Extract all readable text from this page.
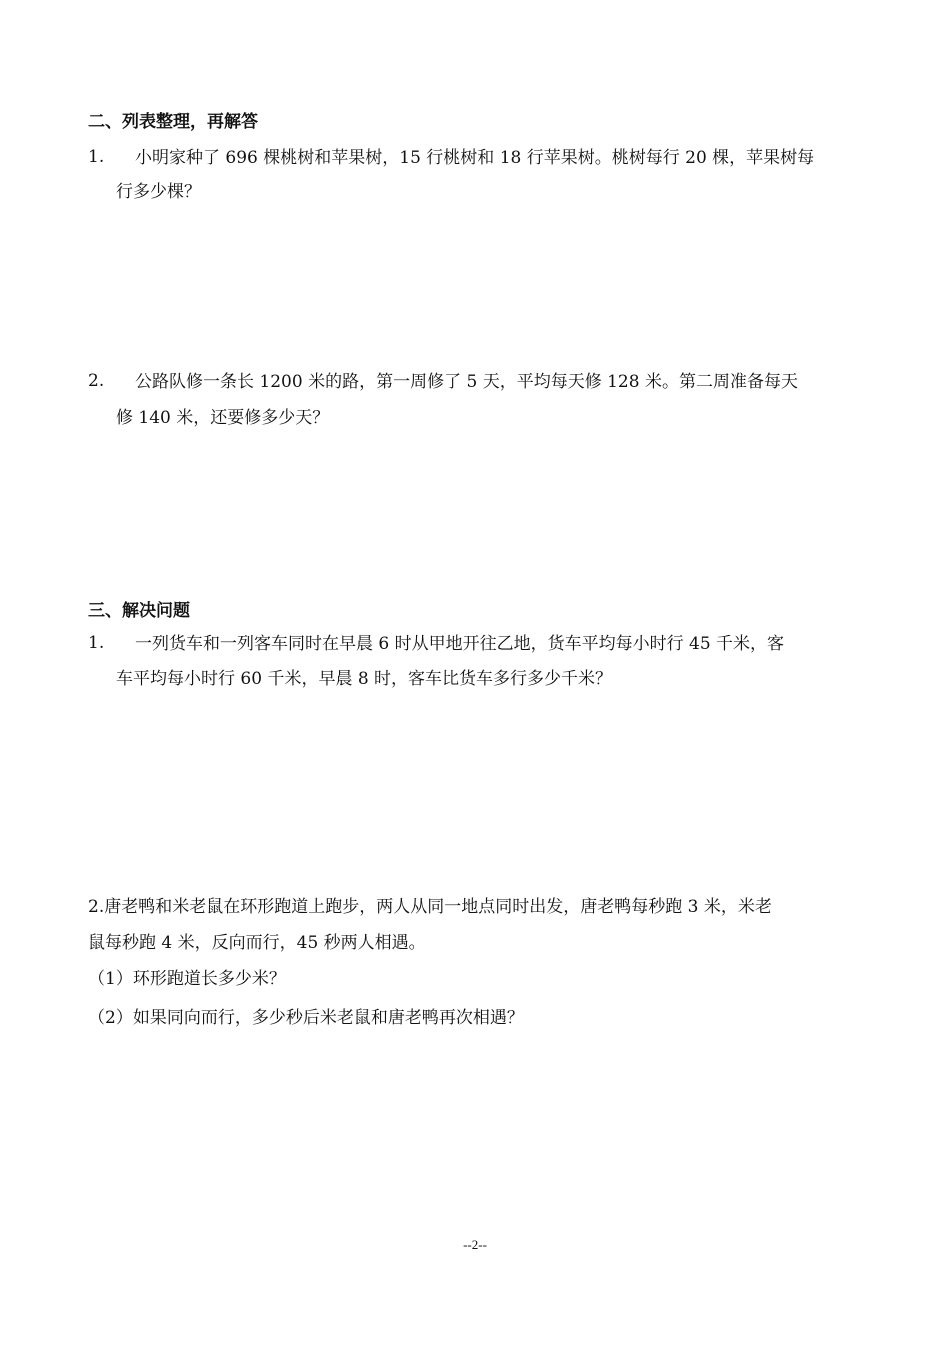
二、列表整理，再解答
1. 小明家种了 696 棵桃树和苹果树，15 行桃树和 18 行苹果树。桃树每行 20 棵，苹果树每
行多少棵？
2. 公路队修一条长 1200 米的路，第一周修了 5 天，平均每天修 128 米。第二周准备每天
修 140 米，还要修多少天？
三、解决问题
1. 一列货车和一列客车同时在早晨 6 时从甲地开往乙地，货车平均每小时行 45 千米，客
车平均每小时行 60 千米，早晨 8 时，客车比货车多行多少千米？
2.唐老鸭和米老鼠在环形跑道上跑步，两人从同一地点同时出发，唐老鸭每秒跑 3 米，米老
鼠每秒跑 4 米，反向而行，45 秒两人相遇。
（1）环形跑道长多少米？
（2）如果同向而行，多少秒后米老鼠和唐老鸭再次相遇？
--2--
